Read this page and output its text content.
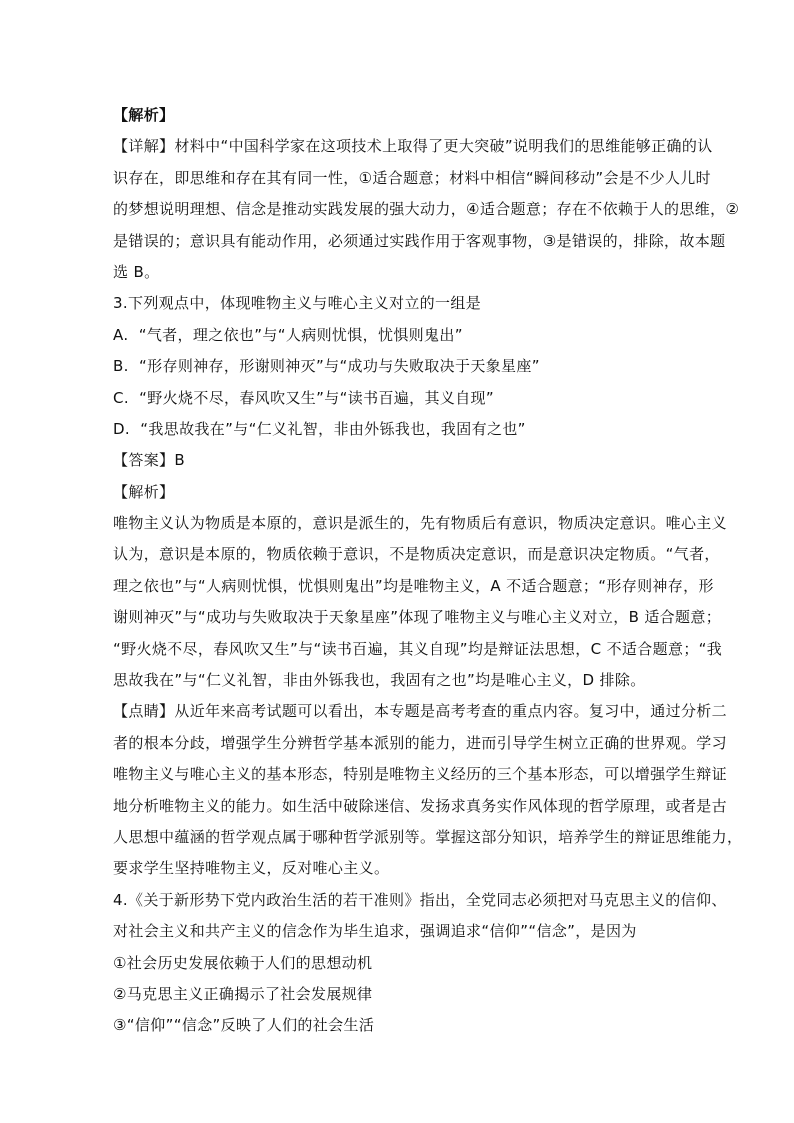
【解析】
【详解】材料中“中国科学家在这项技术上取得了更大突破”说明我们的思维能够正确的认
识存在，即思维和存在其有同一性，①适合题意；材料中相信“瞬间移动”会是不少人儿时
的梦想说明理想、信念是推动实践发展的强大动力，④适合题意；存在不依赖于人的思维，②
是错误的；意识具有能动作用，必须通过实践作用于客观事物，③是错误的，排除，故本题
选 B。
3.下列观点中，体现唯物主义与唯心主义对立的一组是
A.  “气者，理之依也”与“人病则忧惧，忧惧则鬼出”
B.  “形存则神存，形谢则神灭”与“成功与失败取决于天象星座”
C.  “野火烧不尽，春风吹又生”与“读书百遍，其义自现”
D.  “我思故我在”与“仁义礼智，非由外铄我也，我固有之也”
【答案】B
【解析】
唯物主义认为物质是本原的，意识是派生的，先有物质后有意识，物质决定意识。唯心主义
认为，意识是本原的，物质依赖于意识，不是物质决定意识，而是意识决定物质。“气者，
理之依也”与“人病则忧惧，忧惧则鬼出”均是唯物主义，A 不适合题意；“形存则神存，形
谢则神灭”与“成功与失败取决于天象星座”体现了唯物主义与唯心主义对立，B 适合题意；
“野火烧不尽，春风吹又生”与“读书百遍，其义自现”均是辩证法思想，C 不适合题意；“我
思故我在”与“仁义礼智，非由外铄我也，我固有之也”均是唯心主义，D 排除。
【点睛】从近年来高考试题可以看出，本专题是高考考查的重点内容。复习中，通过分析二
者的根本分歧，增强学生分辨哲学基本派别的能力，进而引导学生树立正确的世界观。学习
唯物主义与唯心主义的基本形态，特别是唯物主义经历的三个基本形态，可以增强学生辩证
地分析唯物主义的能力。如生活中破除迷信、发扬求真务实作风体现的哲学原理，或者是古
人思想中蕴涵的哲学观点属于哪种哲学派别等。掌握这部分知识，培养学生的辩证思维能力，
要求学生坚持唯物主义，反对唯心主义。
4.《关于新形势下党内政治生活的若干准则》指出，全党同志必须把对马克思主义的信仰、
对社会主义和共产主义的信念作为毕生追求，强调追求“信仰”“信念”，是因为
①社会历史发展依赖于人们的思想动机
②马克思主义正确揭示了社会发展规律
③“信仰”“信念”反映了人们的社会生活
